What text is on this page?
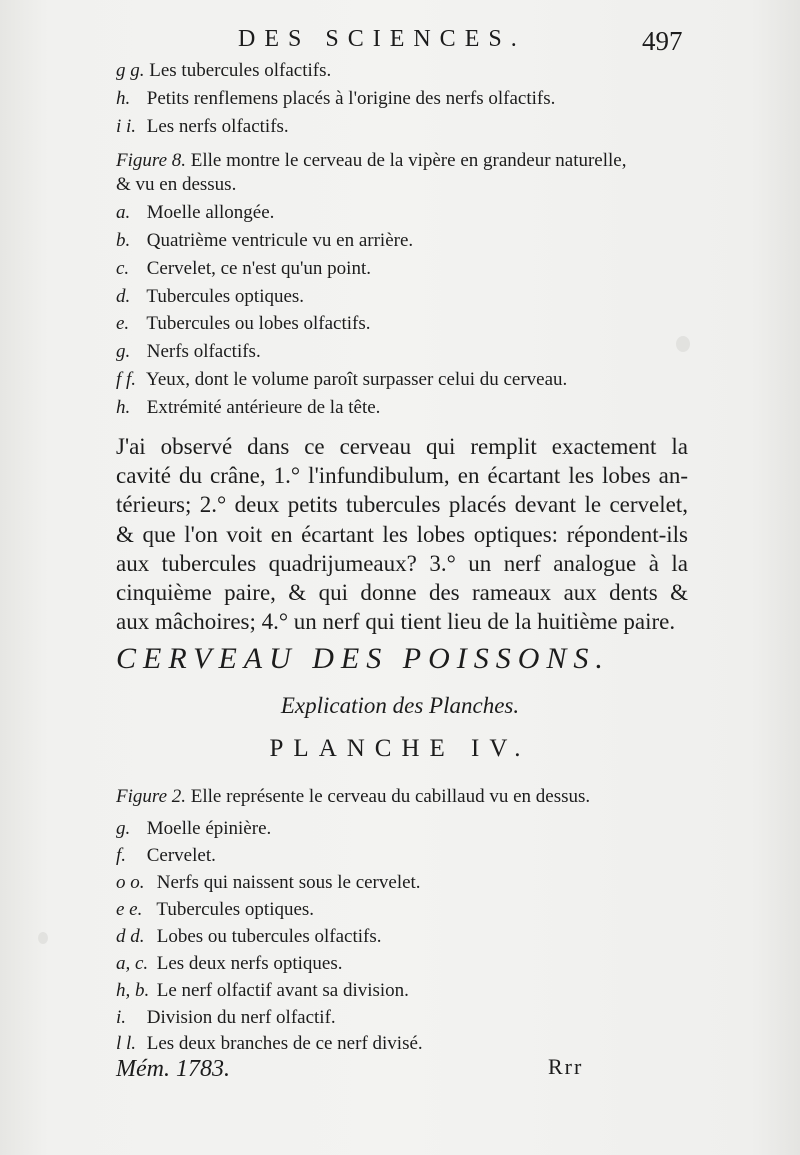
DES SCIENCES.	497
g g. Les tubercules olfactifs.
h. Petits renflemens placés à l'origine des nerfs olfactifs.
i i. Les nerfs olfactifs.
Figure 8. Elle montre le cerveau de la vipère en grandeur naturelle,
& vu en dessus.
a. Moelle allongée.
b. Quatrième ventricule vu en arrière.
c. Cervelet, ce n'est qu'un point.
d. Tubercules optiques.
e. Tubercules ou lobes olfactifs.
g. Nerfs olfactifs.
f f. Yeux, dont le volume paroît surpasser celui du cerveau.
h. Extrémité antérieure de la tête.
J'ai observé dans ce cerveau qui remplit exactement la
cavité du crâne, 1.° l'infundibulum, en écartant les lobes an-
térieurs; 2.° deux petits tubercules placés devant le cervelet,
& que l'on voit en écartant les lobes optiques: répondent-ils
aux tubercules quadrijumeaux? 3.° un nerf analogue à la
cinquième paire, & qui donne des rameaux aux dents &
aux mâchoires; 4.° un nerf qui tient lieu de la huitième paire.
CERVEAU DES POISSONS.
Explication des Planches.
PLANCHE IV.
Figure 2. Elle représente le cerveau du cabillaud vu en dessus.
g. Moelle épinière.
f. Cervelet.
o o. Nerfs qui naissent sous le cervelet.
e e. Tubercules optiques.
d d. Lobes ou tubercules olfactifs.
a, c. Les deux nerfs optiques.
h, b. Le nerf olfactif avant sa division.
i. Division du nerf olfactif.
l l. Les deux branches de ce nerf divisé.
Mém. 1783.	Rrr
